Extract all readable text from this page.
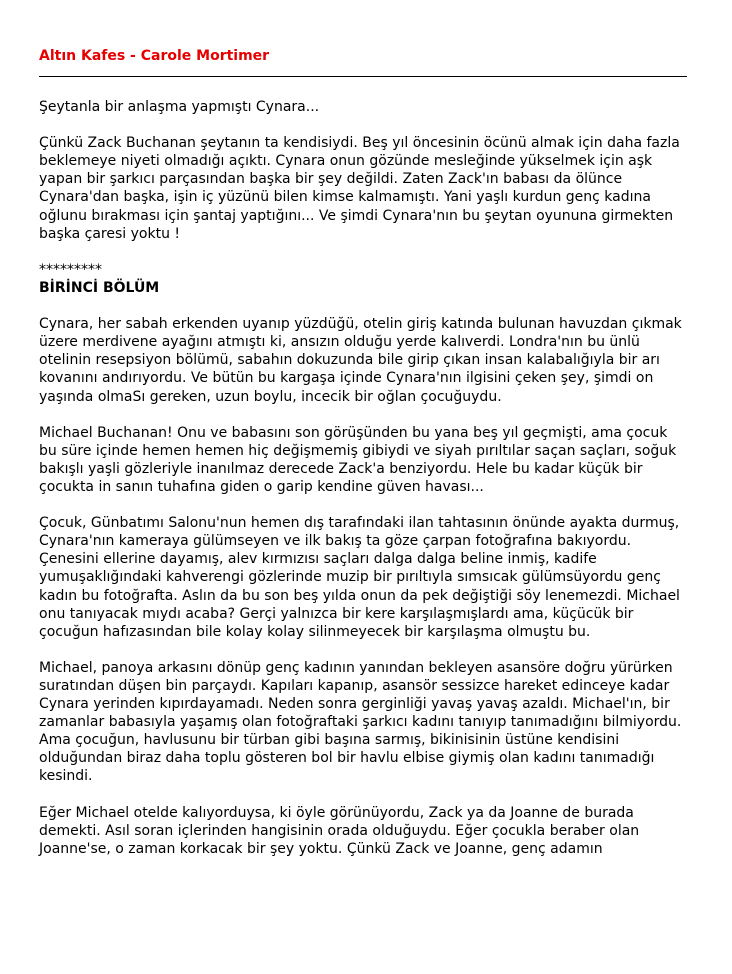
Altın Kafes - Carole Mortimer

Şeytanla bir anlaşma yapmıştı Cynara...

Çünkü Zack Buchanan şeytanın ta kendisiydi. Beş yıl öncesinin öcünü almak için daha fazla beklemeye niyeti olmadığı açıktı. Cynara onun gözünde mesleğinde yükselmek için aşk yapan bir şarkıcı parçasından başka bir şey değildi. Zaten Zack'ın babası da ölünce Cynara'dan başka, işin iç yüzünü bilen kimse kalmamıştı. Yani yaşlı kurdun genç kadına oğlunu bırakması için şantaj yaptığını... Ve şimdi Cynara'nın bu şeytan oyununa girmekten başka çaresi yoktu !

*********

BİRİNCİ BÖLÜM

Cynara, her sabah erkenden uyanıp yüzdüğü, otelin giriş katında bulunan havuzdan çıkmak üzere merdivene ayağını atmıştı ki, ansızın olduğu yerde kalıverdi. Londra'nın bu ünlü otelinin resepsiyon bölümü, sabahın dokuzunda bile girip çıkan insan kalabalığıyla bir arı kovanını andırıyordu. Ve bütün bu kargaşa içinde Cynara'nın ilgisini çeken şey, şimdi on yaşında olmaSı gereken, uzun boylu, incecik bir oğlan çocuğuydu.

Michael Buchanan! Onu ve babasını son görüşünden bu yana beş yıl geçmişti, ama çocuk bu süre içinde hemen hemen hiç değişmemiş gibiydi ve siyah pırıltılar saçan saçları, soğuk bakışlı yaşli gözleriyle inanılmaz derecede Zack'a benziyordu. Hele bu kadar küçük bir çocukta in sanın tuhafına giden o garip kendine güven havası...

Çocuk, Günbatımı Salonu'nun hemen dış tarafındaki ilan tahtasının önünde ayakta durmuş, Cynara'nın kameraya gülümseyen ve ilk bakış ta göze çarpan fotoğrafına bakıyordu. Çenesini ellerine dayamış, alev kırmızısı saçları dalga dalga beline inmiş, kadife yumuşaklığındaki kahverengi gözlerinde muzip bir pırıltıyla sımsıcak gülümsüyordu genç kadın bu fotoğrafta. Aslın da bu son beş yılda onun da pek değiştiği söy lenemezdi. Michael onu tanıyacak mıydı acaba? Gerçi yalnızca bir kere karşılaşmışlardı ama, küçücük bir çocuğun hafızasından bile kolay kolay silinmeyecek bir karşılaşma olmuştu bu.

Michael, panoya arkasını dönüp genç kadının yanından bekleyen asansöre doğru yürürken suratından düşen bin parçaydı. Kapıları kapanıp, asansör sessizce hareket edinceye kadar Cynara yerinden kıpırdayamadı. Neden sonra gerginliği yavaş yavaş azaldı. Michael'ın, bir zamanlar babasıyla yaşamış olan fotoğraftaki şarkıcı kadını tanıyıp tanımadığını bilmiyordu. Ama çocuğun, havlusunu bir türban gibi başına sarmış, bikinisinin üstüne kendisini olduğundan biraz daha toplu gösteren bol bir havlu elbise giymiş olan kadını tanımadığı kesindi.

Eğer Michael otelde kalıyorduysa, ki öyle görünüyordu, Zack ya da Joanne de burada demekti. Asıl soran içlerinden hangisinin orada olduğuydu. Eğer çocukla beraber olan Joanne'se, o zaman korkacak bir şey yoktu. Çünkü Zack ve Joanne, genç adamın
